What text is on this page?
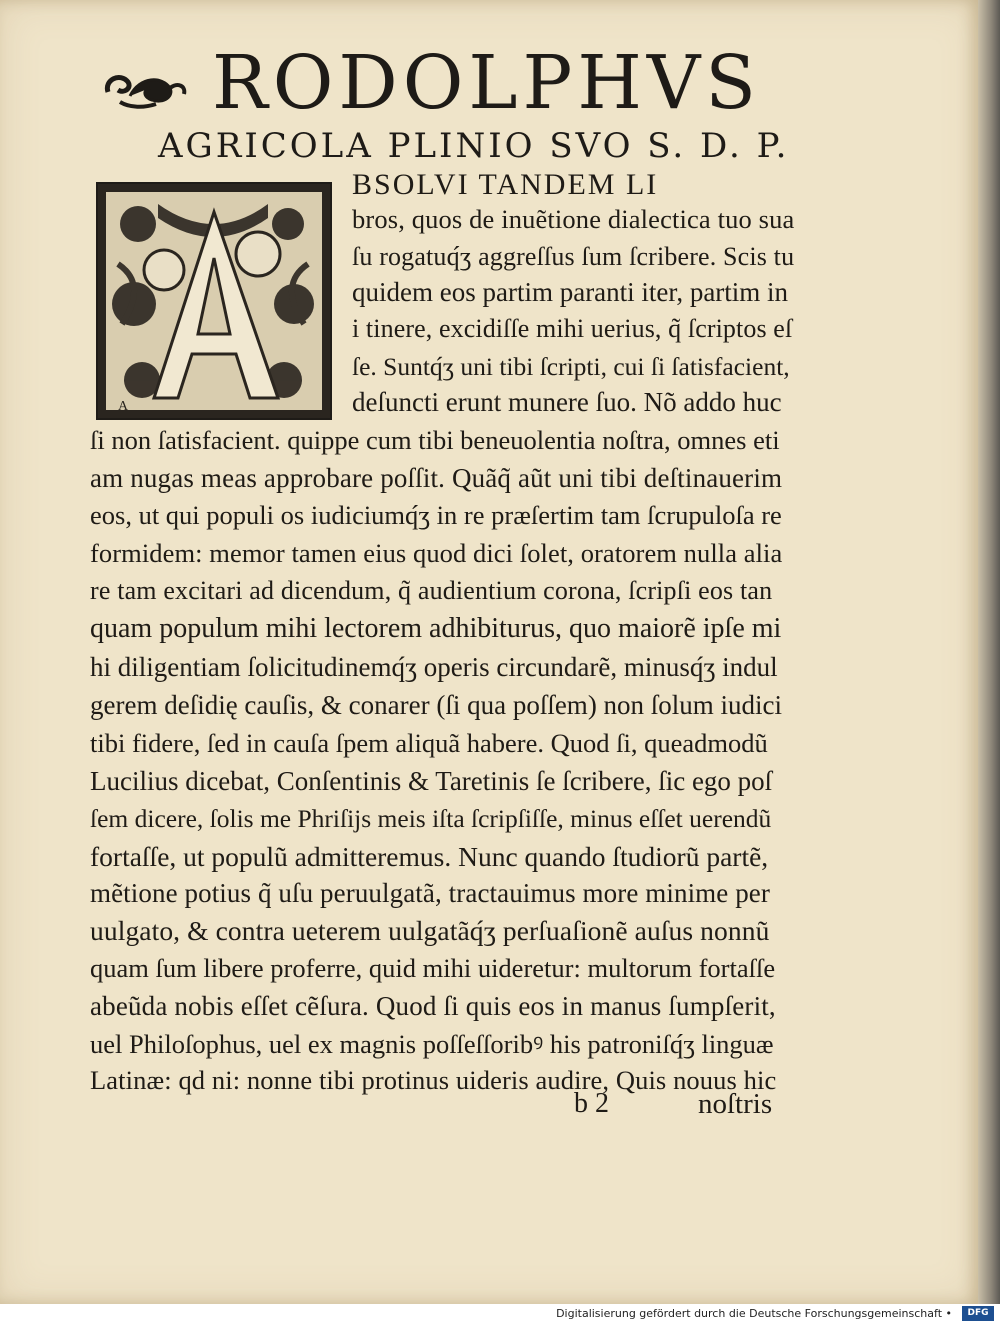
RODOLPHVS
AGRICOLA PLINIO SVO S. D. P.
A
BSOLVI TANDEM LI
bros, quos de inuẽtione dialectica tuo sua
ſu rogatuq́ʒ aggreſſus ſum ſcribere. Scis tu
quidem eos partim paranti iter, partim in
i tinere, excidiſſe mihi uerius, q̃ ſcriptos eſ
ſe. Suntq́ʒ uni tibi ſcripti, cui ſi ſatisfacient,
deſuncti erunt munere ſuo. Nõ addo huc
ſi non ſatisfacient. quippe cum tibi beneuolentia noſtra, omnes eti
am nugas meas approbare poſſit. Quãq̃ aũt uni tibi deſtinauerim
eos, ut qui populi os iudiciumq́ʒ in re præſertim tam ſcrupuloſa re
formidem: memor tamen eius quod dici ſolet, oratorem nulla alia
re tam excitari ad dicendum, q̃ audientium corona, ſcripſi eos tan
quam populum mihi lectorem adhibiturus, quo maiorẽ ipſe mi
hi diligentiam ſolicitudinemq́ʒ operis circundarẽ, minusq́ʒ indul
gerem deſidię cauſis, & conarer (ſi qua poſſem) non ſolum iudici
tibi fidere, ſed in cauſa ſpem aliquã habere. Quod ſi, queadmodũ
Lucilius dicebat, Conſentinis & Taretinis ſe ſcribere, ſic ego poſ
ſem dicere, ſolis me Phriſijs meis iſta ſcripſiſſe, minus eſſet uerendũ
fortaſſe, ut populũ admitteremus. Nunc quando ſtudiorũ partẽ,
mẽtione potius q̃ uſu peruulgatã, tractauimus more minime per
uulgato, & contra ueterem uulgatãq́ʒ perſuaſionẽ auſus nonnũ
quam ſum libere proferre, quid mihi uideretur: multorum fortaſſe
abeũda nobis eſſet cẽſura. Quod ſi quis eos in manus ſumpſerit,
uel Philoſophus, uel ex magnis poſſeſſoribꝰ his patroniſq́ʒ linguæ
Latinæ: qd ni: nonne tibi protinus uideris audire, Quis nouus hic
b 2	noſtris
Digitalisierung gefördert durch die Deutsche Forschungsgemeinschaft •	DFG
